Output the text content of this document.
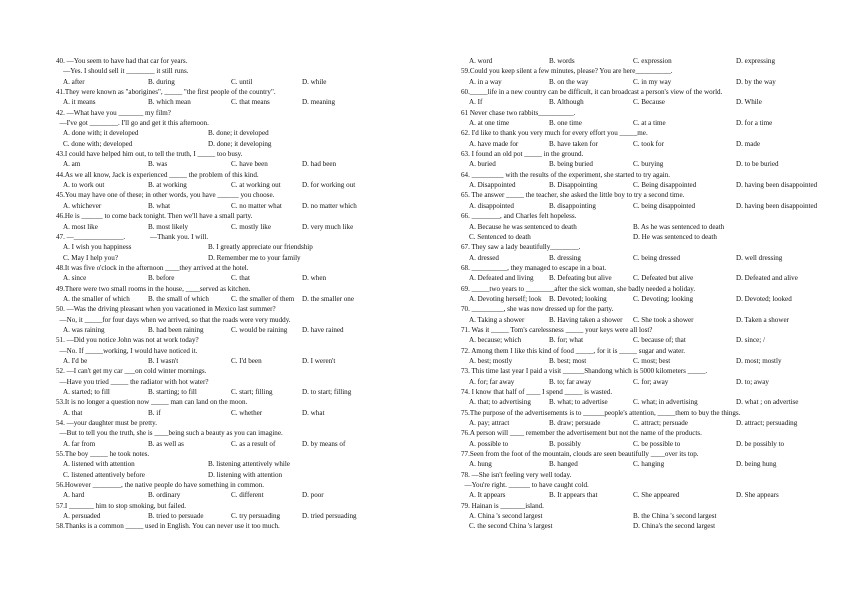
40. —You seem to have had that car for years.
—Yes. I should sell it ________ it still runs.
A. after	B. during	C. until	D. while
41.They were known as "aborigines", _____ "the first people of the country".
A. it means	B. which mean	C. that means	D. meaning
42. —What have you _______ my film?
—I've got ________. I'll go and get it this afternoon.
A. done with; it developed	B. done; it developed
C. done with; developed	D. done; it developing
43.I could have helped him out, to tell the truth, I _____ too busy.
A. am	B. was	C. have been	D. had been
44.As we all know, Jack is experienced _____ the problem of this kind.
A. to work out	B. at working	C. at working out	D. for working out
45.You may have one of these; in other words, you have ______ you choose.
A. whichever	B. what	C. no matter what	D. no matter which
46.He is ______ to come back tonight. Then we'll have a small party.
A. most like	B. most likely	C. mostly like	D. very much like
47. —______________.              —Thank you. I will.
A. I wish you happiness	B. I greatly appreciate our friendship
C. May I help you?	D. Remember me to your family
48.It was five o'clock in the afternoon ____they arrived at the hotel.
A. since	B. before	C. that	D. when
49.There were two small rooms in the house, ____served as kitchen.
A. the smaller of which	B. the small of which	C. the smaller of them D. the smaller one
50. —Was the driving pleasant when you vacationed in Mexico last summer?
—No, it _____for four days when we arrived, so that the roads were very muddy.
A. was raining	B. had been raining	C. would be raining D. have rained
51. —Did you notice John was not at work today?
—No. If _____working, I would have noticed it.
A. I'd be	B. I wasn't	C. I'd been	D. I weren't
52. —I can't get my car ___on cold winter mornings.
—Have you tried _____ the radiator with hot water?
A. started; to fill	B. starting; to fill	C. start; filling	D. to start; filling
53.It is no longer a question now _____ man can land on the moon.
A. that	B. if	C. whether	D. what
54. —your daughter must be pretty.
—But to tell you the truth, she is ____being such a beauty as you can imagine.
A. far from	B. as well as	C. as a result of	D. by means of
55.The boy _____ he took notes.
A. listened with attention	B. listening attentively while
C. listened attentively before	D. listening with attention
56.However ________, the native people do have something in common.
A. hard	B. ordinary	C. different	D. poor
57.I _______ him to stop smoking, but failed.
A. persuaded	B. tried to persuade	C. try persuading	D. tried persuading
58.Thanks is a common _____ used in English. You can never use it too much.
A. word	B. words	C. expression	D. expressing
59.Could you keep silent a few minutes, please? You are here__________.
A. in a way	B. on the way	C. in my way	D. by the way
60._____life in a new country can be difficult, it can broadcast a person's view of the world.
A. If	B. Although	C. Because	D. While
61 Never chase two rabbits__________.
A. at one time	B. one time	C. at a time	D. for a time
62. I'd like to thank you very much for every effort you _____me.
A. have made for	B. have taken for	C. took for	D. made
63. I found an old pot _____ in the ground.
A. buried	B. being buried	C. burying	D. to be buried
64. _________ with the results of the experiment, she started to try again.
A. Disappointed	B. Disappointing	C. Being disappointed	D. having been disappointed
65. The answer _____ the teacher, she asked the little boy to try a second time.
A. disappointed	B. disappointing	C. being disappointed	D. having been disappointed
66. ________, and Charles felt hopeless.
A. Because he was sentenced to death	B. As he was sentenced to death
C. Sentenced to death	D. He was sentenced to death
67. They saw a lady beautifully________.
A. dressed	B. dressing	C. being dressed	D. well dressing
68. __________, they managed to escape in a boat.
A. Defeated and living B. Defeating but alive	C. Defeated but alive	D. Defeated and alive
69. _____two years to ________after the sick woman, she badly needed a holiday.
A. Devoting herself; look B. Devoted; looking	C. Devoting; looking	D. Devoted; looked
70. _________, she was now dressed up for the party.
A. Taking a shower	B. Having taken a shower C. She took a shower	D. Taken a shower
71. Was it _____ Tom's carelessness _____ your keys were all lost?
A. because; which	B. for; what	C. because of; that	D. since; /
72. Among them I like this kind of food _____, for it is _____ sugar and water.
A. best; mostly	B. best; most	C. most; best	D. most; mostly
73. This time last year I paid a visit ______Shandong which is 5000 kilometers _____.
A. for; far away	B. to; far away	C. for; away	D. to; away
74. I know that half of ____ I spend _____ is wasted.
A. that; to advertising	B. what; to advertise	C. what; in advertising	D. what ; on advertise
75.The purpose of the advertisements is to ______people's attention, _____them to buy the things.
A. pay; attract	B. draw; persuade	C. attract; persuade	D. attract; persuading
76.A person will ____ remember the advertisement but not the name of the products.
A. possible to	B. possibly	C. be possible to	D. be possibly to
77.Seen from the foot of the mountain, clouds are seen beautifully ____over its top.
A. hung	B. hanged	C. hanging	D. being hung
78. —She isn't feeling very well today.
—You're right. ______ to have caught cold.
A. It appears	B. It appears that	C. She appeared	D. She appears
79. Hainan is _______island.
A. China 's second largest	B. the China 's second largest
C. the second China 's largest	D. China's the second largest
